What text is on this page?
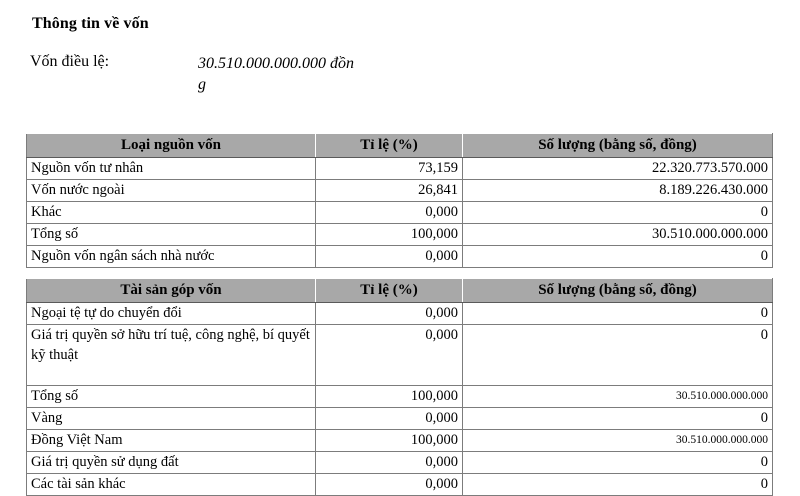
Thông tin về vốn
Vốn điều lệ:	30.510.000.000.000 đồng
Loại nguồn vốn	Tỉ lệ (%)	Số lượng (bằng số, đồng)
Nguồn vốn tư nhân	73,159	22.320.773.570.000
Vốn nước ngoài	26,841	8.189.226.430.000
Khác	0,000	0
Tổng số	100,000	30.510.000.000.000
Nguồn vốn ngân sách nhà nước	0,000	0
Tài sản góp vốn	Tỉ lệ (%)	Số lượng (bằng số, đồng)
Ngoại tệ tự do chuyển đổi	0,000	0
Giá trị quyền sở hữu trí tuệ, công nghệ, bí quyết kỹ thuật	0,000	0
Tổng số	100,000	30.510.000.000.000
Vàng	0,000	0
Đồng Việt Nam	100,000	30.510.000.000.000
Giá trị quyền sử dụng đất	0,000	0
Các tài sản khác	0,000	0
